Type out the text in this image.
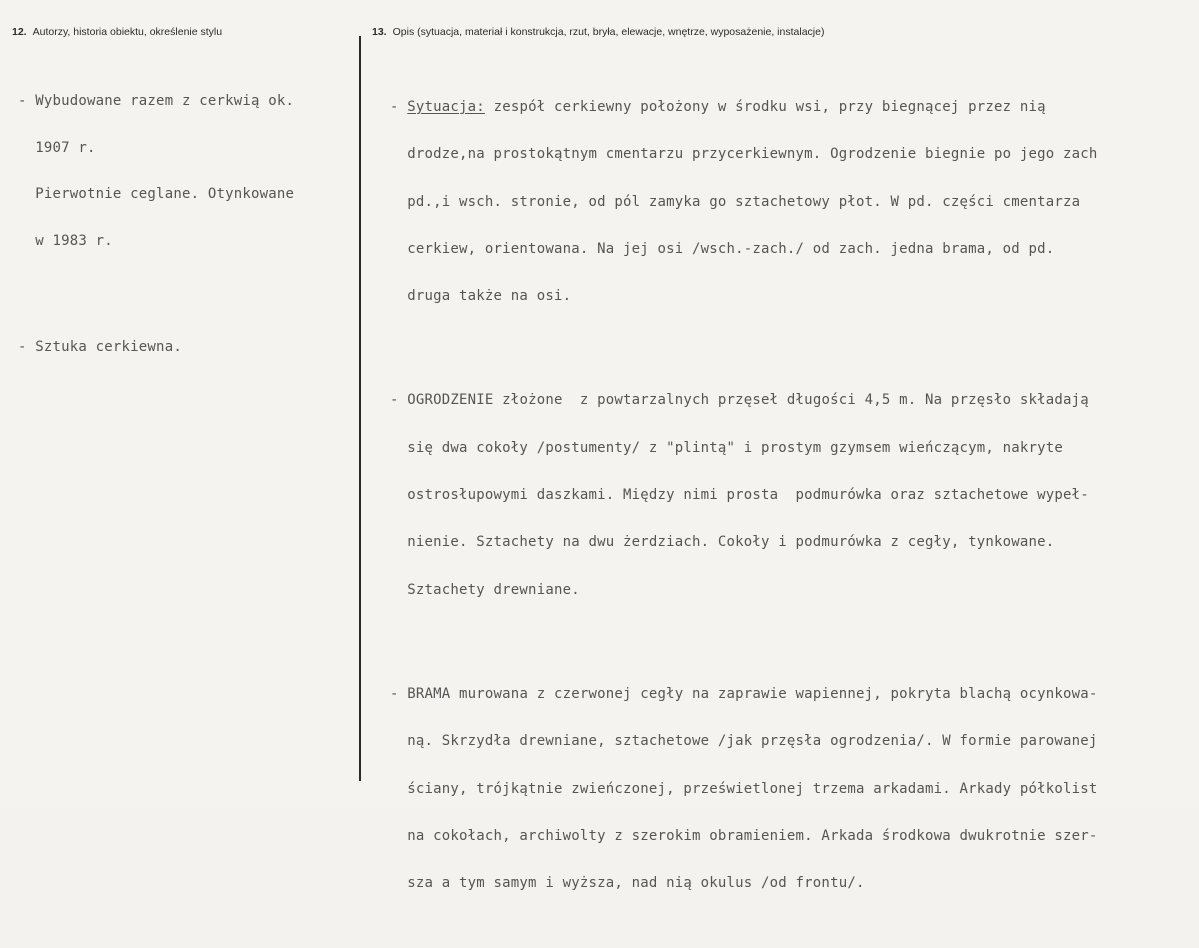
12. Autorzy, historia obiektu, określenie stylu	13. Opis (sytuacja, materiał i konstrukcja, rzut, bryła, elewacje, wnętrze, wyposażenie, instalacje)

- Wybudowane razem z cerkwią ok.

1907 r.

Pierwotnie ceglane. Otynkowane

w 1983 r.

- Sztuka cerkiewna.

- Sytuacja: zespół cerkiewny położony w środku wsi, przy biegnącej przez nią

drodze,na prostokątnym cmentarzu przycerkiewnym. Ogrodzenie biegnie po jego zach

pd.,i wsch. stronie, od pól zamyka go sztachetowy płot. W pd. części cmentarza

cerkiew, orientowana. Na jej osi /wsch.-zach./ od zach. jedna brama, od pd.

druga także na osi.

- OGRODZENIE złożone  z powtarzalnych przęseł długości 4,5 m. Na przęsło składają

się dwa cokoły /postumenty/ z "plintą" i prostym gzymsem wieńczącym, nakryte

ostrosłupowymi daszkami. Między nimi prosta  podmurówka oraz sztachetowe wypeł-

nienie. Sztachety na dwu żerdziach. Cokoły i podmurówka z cegły, tynkowane.

Sztachety drewniane.

- BRAMA murowana z czerwonej cegły na zaprawie wapiennej, pokryta blachą ocynkowa-

ną. Skrzydła drewniane, sztachetowe /jak przęsła ogrodzenia/. W formie parowanej

ściany, trójkątnie zwieńczonej, prześwietlonej trzema arkadami. Arkady półkolist

na cokołach, archiwolty z szerokim obramieniem. Arkada środkowa dwukrotnie szer-

sza a tym samym i wyższa, nad nią okulus /od frontu/.
